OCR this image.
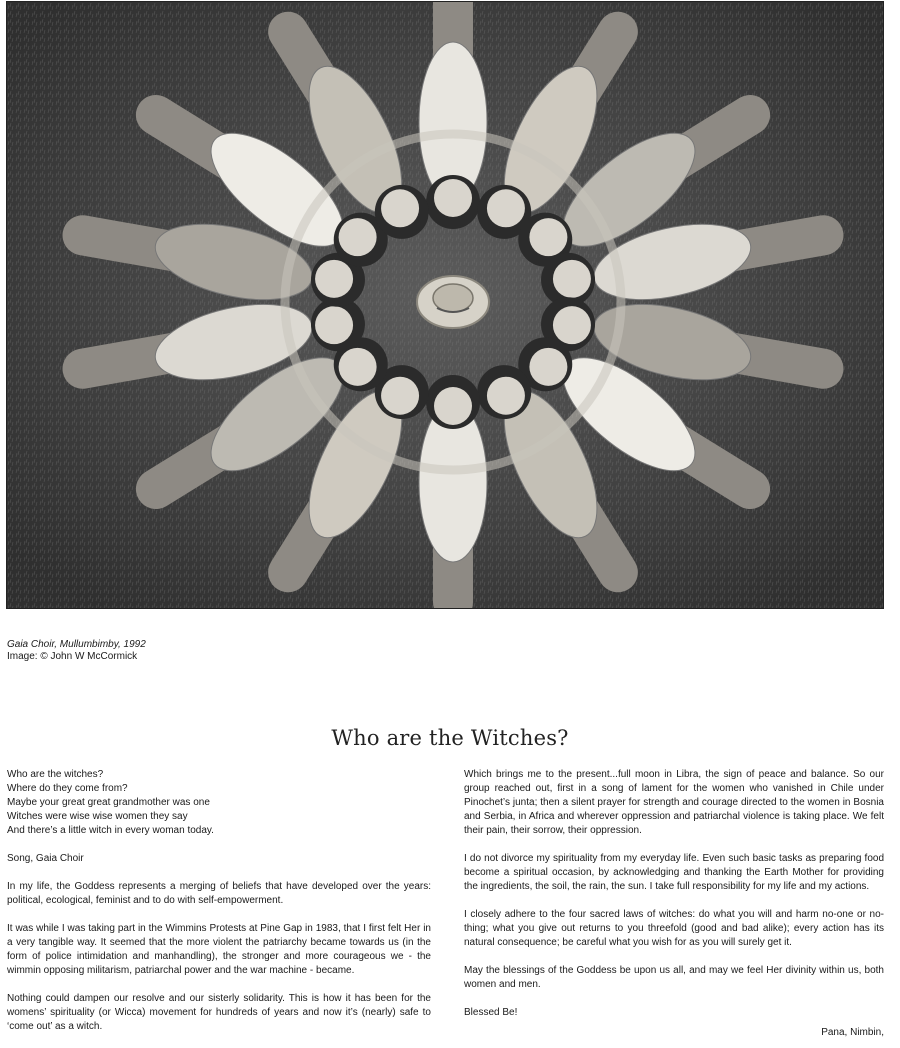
Gaia Choir, Mullumbimby, 1992
Image: © John W McCormick
Who are the Witches?

Who are the witches?
Where do they come from?
Maybe your great great grandmother was one
Witches were wise wise women they say
And there’s a little witch in every woman today.

Song, Gaia Choir

In my life, the Goddess represents a merging of beliefs that have developed over the years: political, ecological, feminist and to do with self-empowerment.

It was while I was taking part in the Wimmins Protests at Pine Gap in 1983, that I first felt Her in a very tangible way. It seemed that the more violent the patriarchy became towards us (in the form of police intimidation and manhandling), the stronger and more courageous we - the wimmin opposing militarism, patriarchal power and the war machine - became.

Nothing could dampen our resolve and our sisterly solidarity. This is how it has been for the womens’ spirituality (or Wicca) movement for hundreds of years and now it’s (nearly) safe to ‘come out’ as a witch.

Which brings me to the present...full moon in Libra, the sign of peace and balance. So our group reached out, first in a song of lament for the women who vanished in Chile under Pinochet’s junta; then a silent prayer for strength and courage directed to the women in Bosnia and Serbia, in Africa and wherever oppression and patriarchal violence is taking place. We felt their pain, their sorrow, their oppression.

I do not divorce my spirituality from my everyday life. Even such basic tasks as preparing food become a spiritual occasion, by acknowledging and thanking the Earth Mother for providing the ingredients, the soil, the rain, the sun. I take full responsibility for my life and my actions.

I closely adhere to the four sacred laws of witches: do what you will and harm no-one or no-thing; what you give out returns to you threefold (good and bad alike); every action has its natural consequence; be careful what you wish for as you will surely get it.

May the blessings of the Goddess be upon us all, and may we feel Her divinity within us, both women and men.

Blessed Be!

Pana, Nimbin,
